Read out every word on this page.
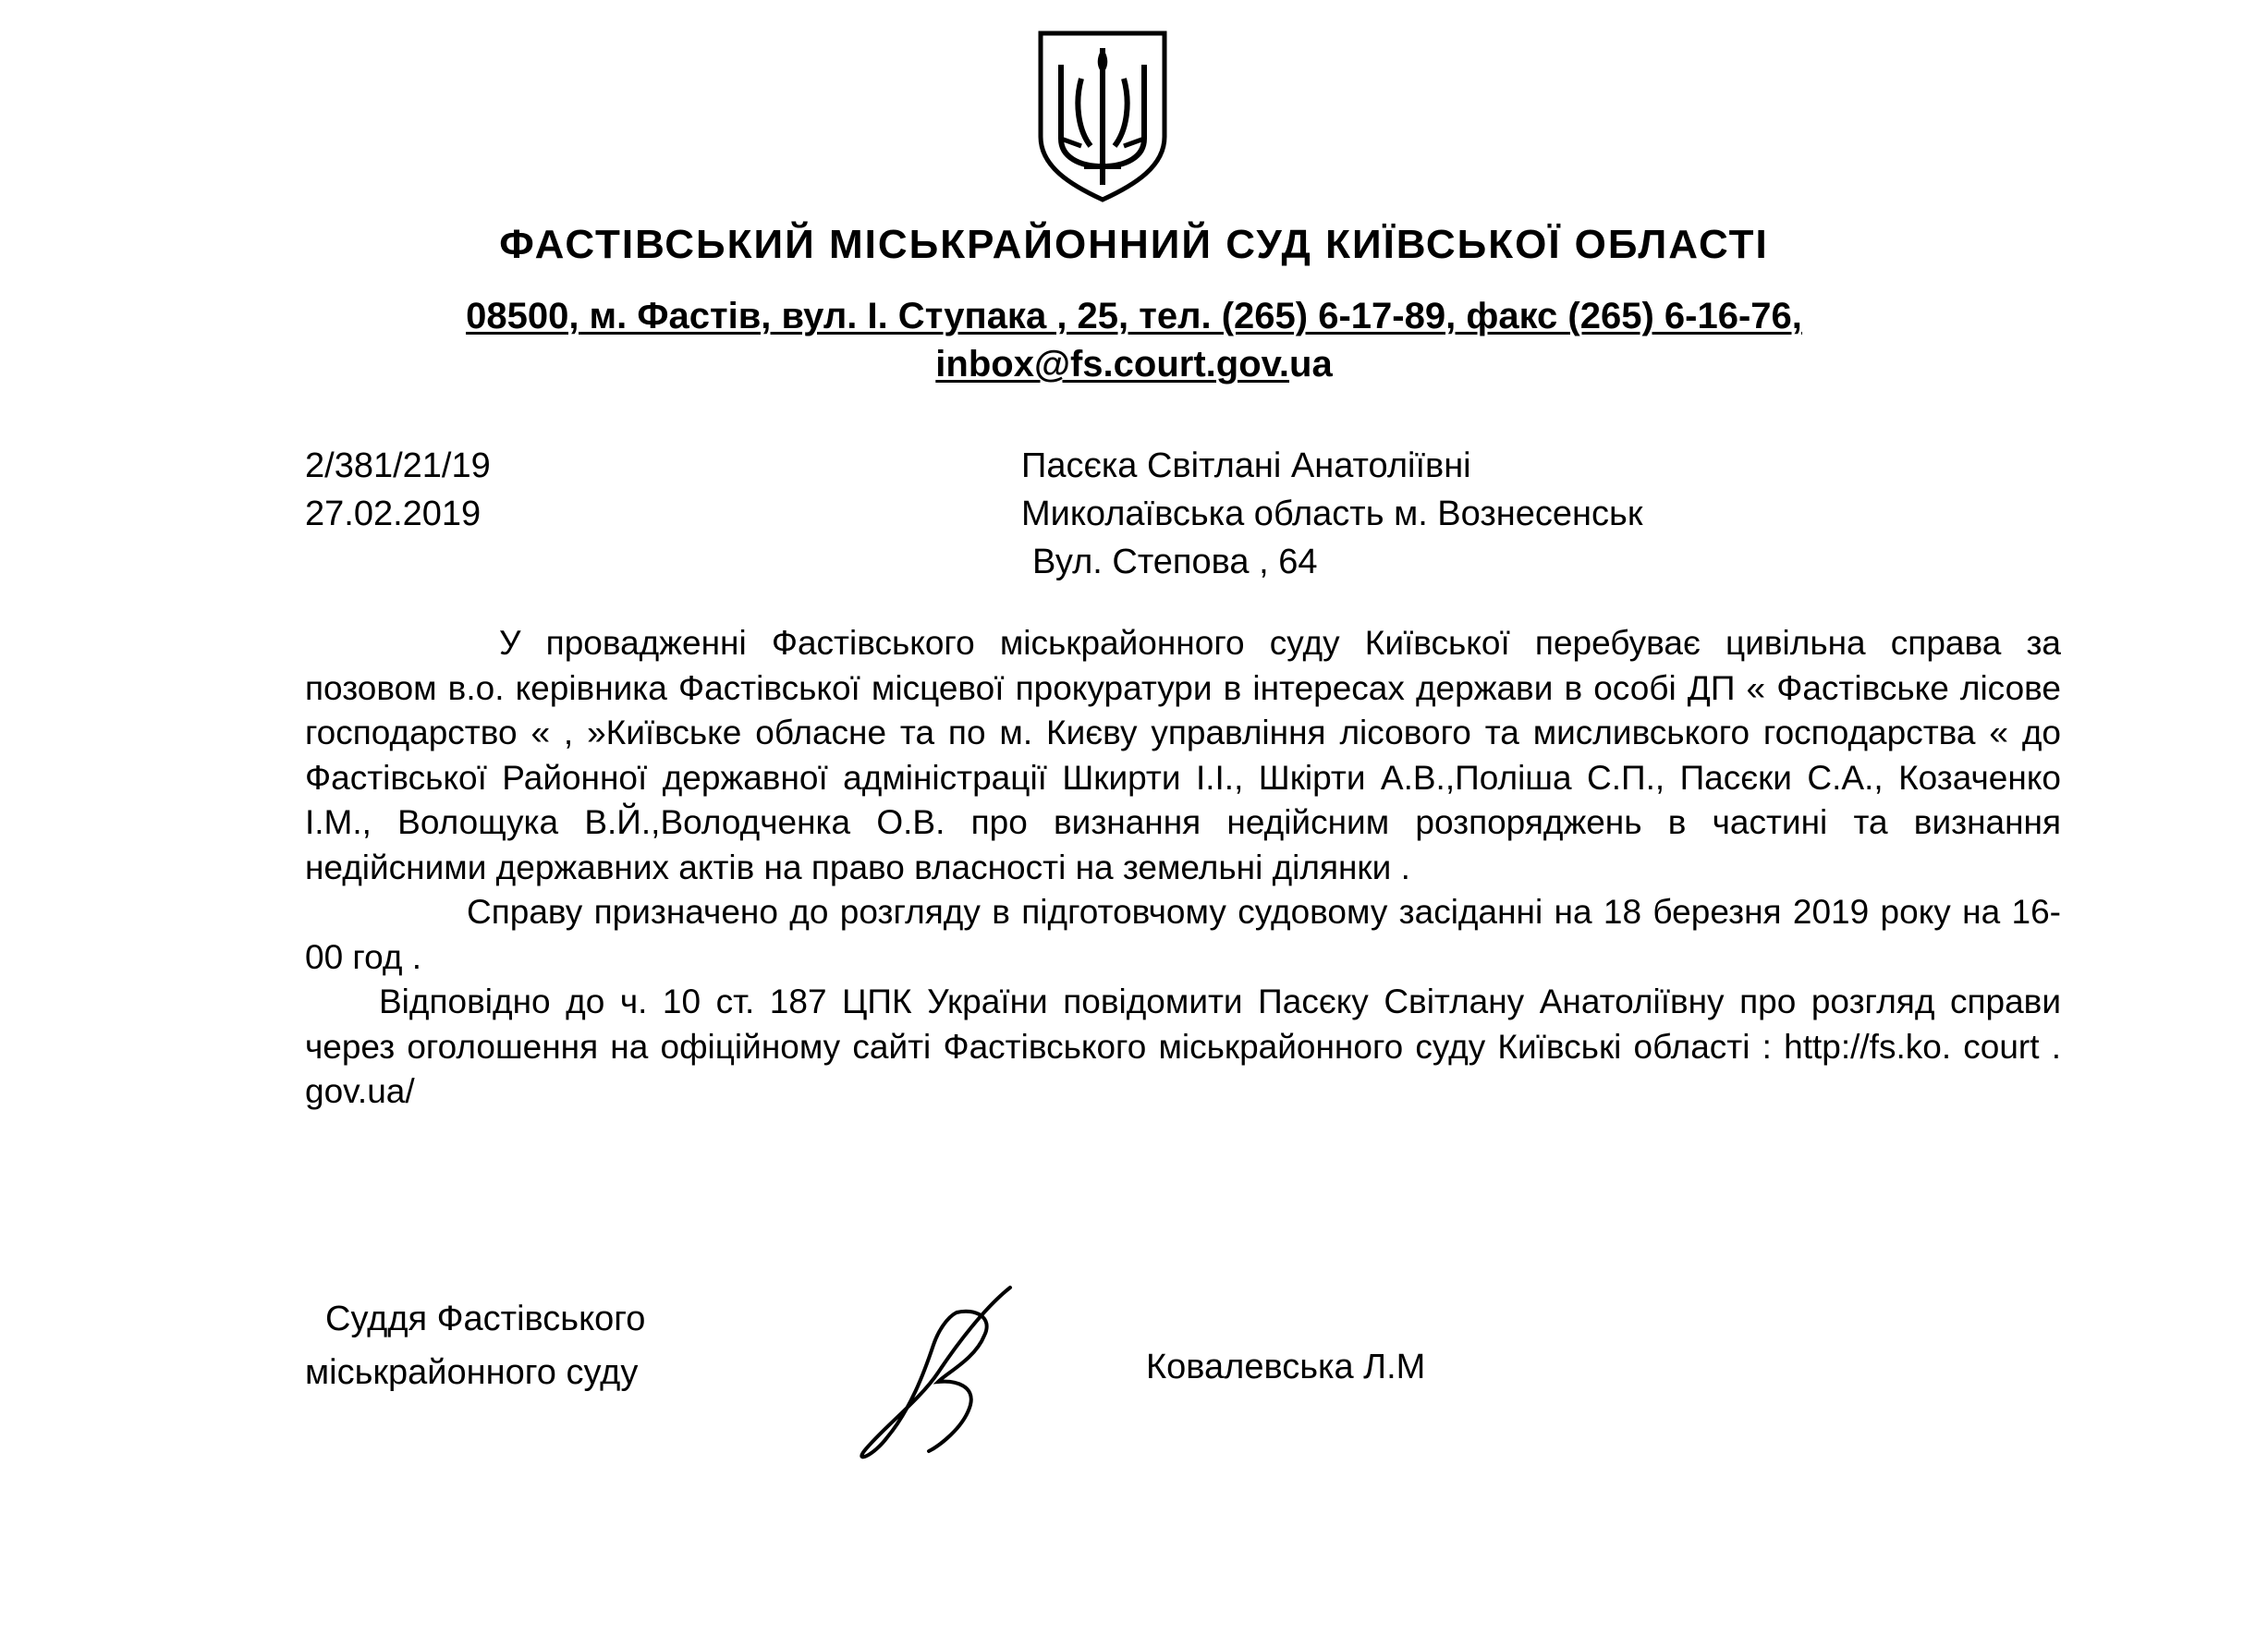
ФАСТІВСЬКИЙ МІСЬКРАЙОННИЙ СУД КИЇВСЬКОЇ ОБЛАСТІ
08500, м. Фастів, вул. І. Ступака , 25, тел. (265) 6-17-89, факс (265) 6-16-76,
inbox@fs.court.gov.ua
2/381/21/19
27.02.2019
Пасєка Світлані Анатоліївні
Миколаївська область м. Вознесенськ
Вул. Степова , 64

У провадженні Фастівського міськрайонного суду Київської перебуває цивільна справа за позовом в.о. керівника Фастівської місцевої прокуратури в інтересах держави в особі ДП « Фастівське лісове господарство « , »Київське обласне та по м. Києву управління лісового та мисливського господарства « до Фастівської Районної державної адміністрації Шкирти І.І., Шкірти А.В.,Поліша С.П., Пасєки С.А., Козаченко І.М., Волощука В.Й.,Володченка О.В. про визнання недійсним розпоряджень в частині та визнання недійсними державних актів на право власності на земельні ділянки .

Справу призначено до розгляду в підготовчому судовому засіданні на 18 березня 2019 року на 16-00 год .

Відповідно до ч. 10 ст. 187 ЦПК України повідомити Пасєку Світлану Анатоліївну про розгляд справи через оголошення на офіційному сайті Фастівського міськрайонного суду Київські області : http://fs.ko. court . gov.ua/

Суддя Фастівського
міськрайонного суду	Ковалевська Л.М
